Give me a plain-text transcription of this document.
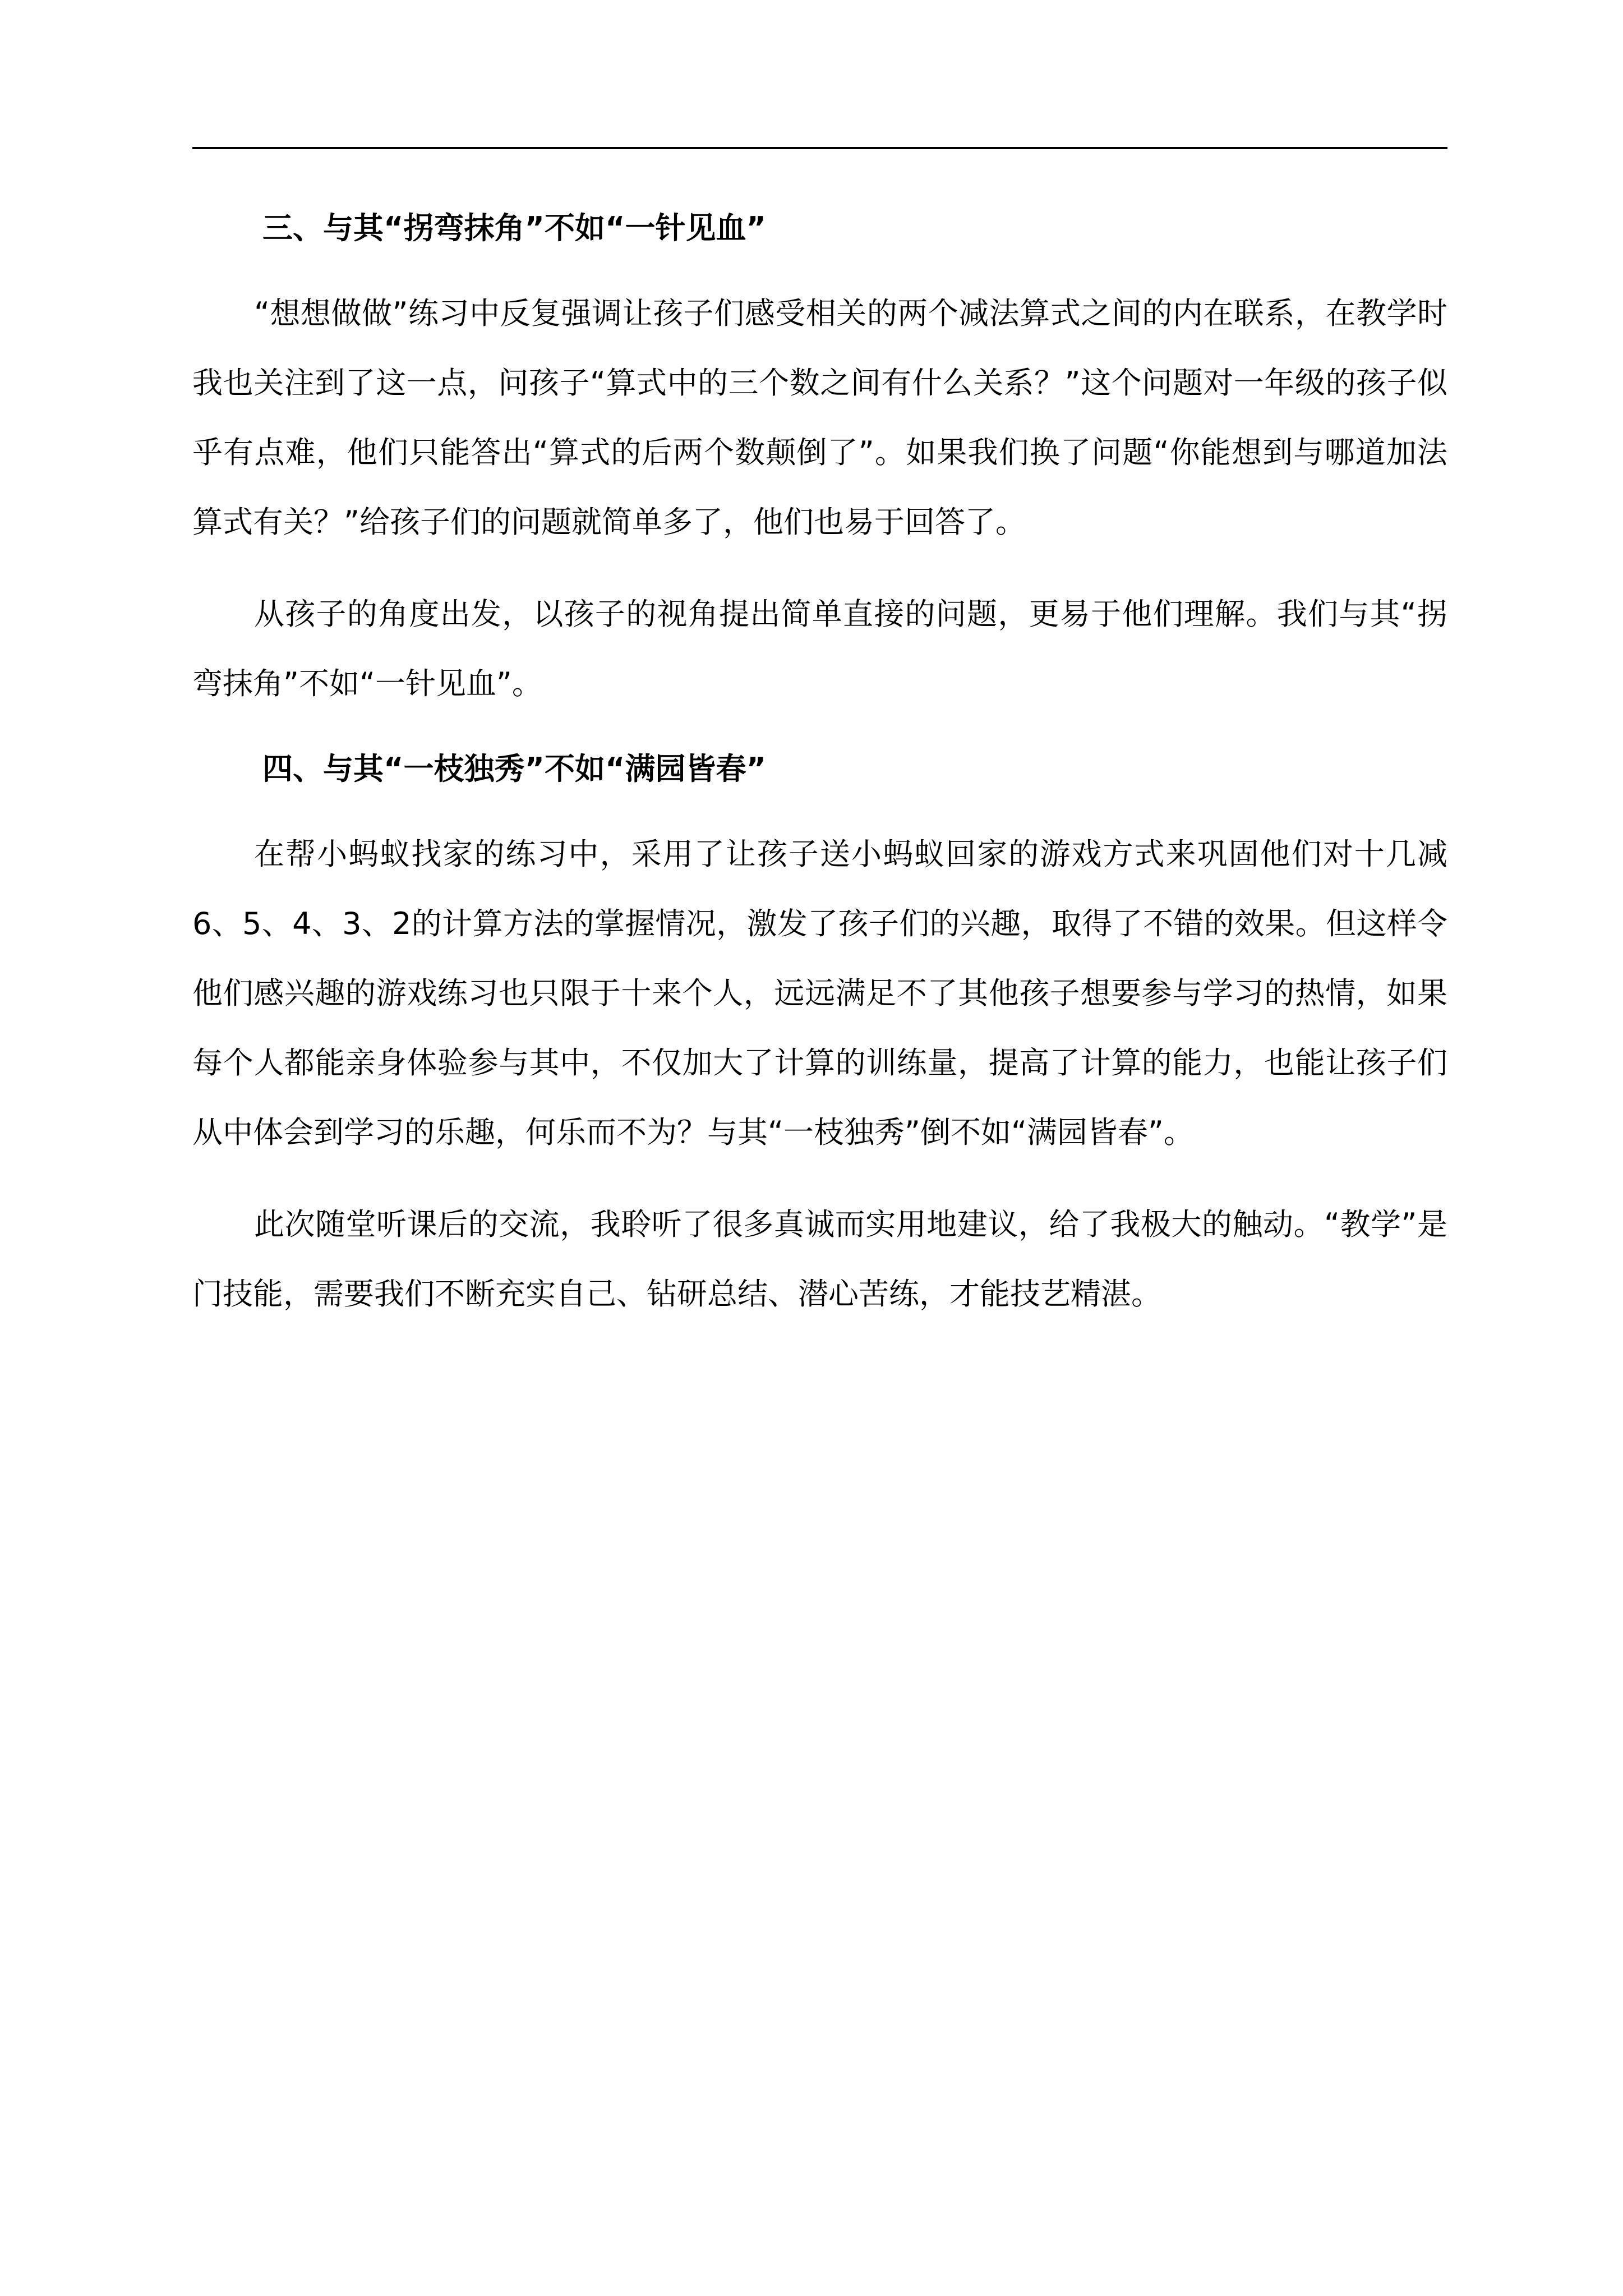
三、与其“拐弯抹角”不如“一针见血”

“想想做做”练习中反复强调让孩子们感受相关的两个减法算式之间的内在联系，在教学时我也关注到了这一点，问孩子“算式中的三个数之间有什么关系？”这个问题对一年级的孩子似乎有点难，他们只能答出“算式的后两个数颠倒了”。如果我们换了问题“你能想到与哪道加法算式有关？”给孩子们的问题就简单多了，他们也易于回答了。

从孩子的角度出发，以孩子的视角提出简单直接的问题，更易于他们理解。我们与其“拐弯抹角”不如“一针见血”。

四、与其“一枝独秀”不如“满园皆春”

在帮小蚂蚁找家的练习中，采用了让孩子送小蚂蚁回家的游戏方式来巩固他们对十几减6、5、4、3、2的计算方法的掌握情况，激发了孩子们的兴趣，取得了不错的效果。但这样令他们感兴趣的游戏练习也只限于十来个人，远远满足不了其他孩子想要参与学习的热情，如果每个人都能亲身体验参与其中，不仅加大了计算的训练量，提高了计算的能力，也能让孩子们从中体会到学习的乐趣，何乐而不为？与其“一枝独秀”倒不如“满园皆春”。

此次随堂听课后的交流，我聆听了很多真诚而实用地建议，给了我极大的触动。“教学”是门技能，需要我们不断充实自己、钻研总结、潜心苦练，才能技艺精湛。
